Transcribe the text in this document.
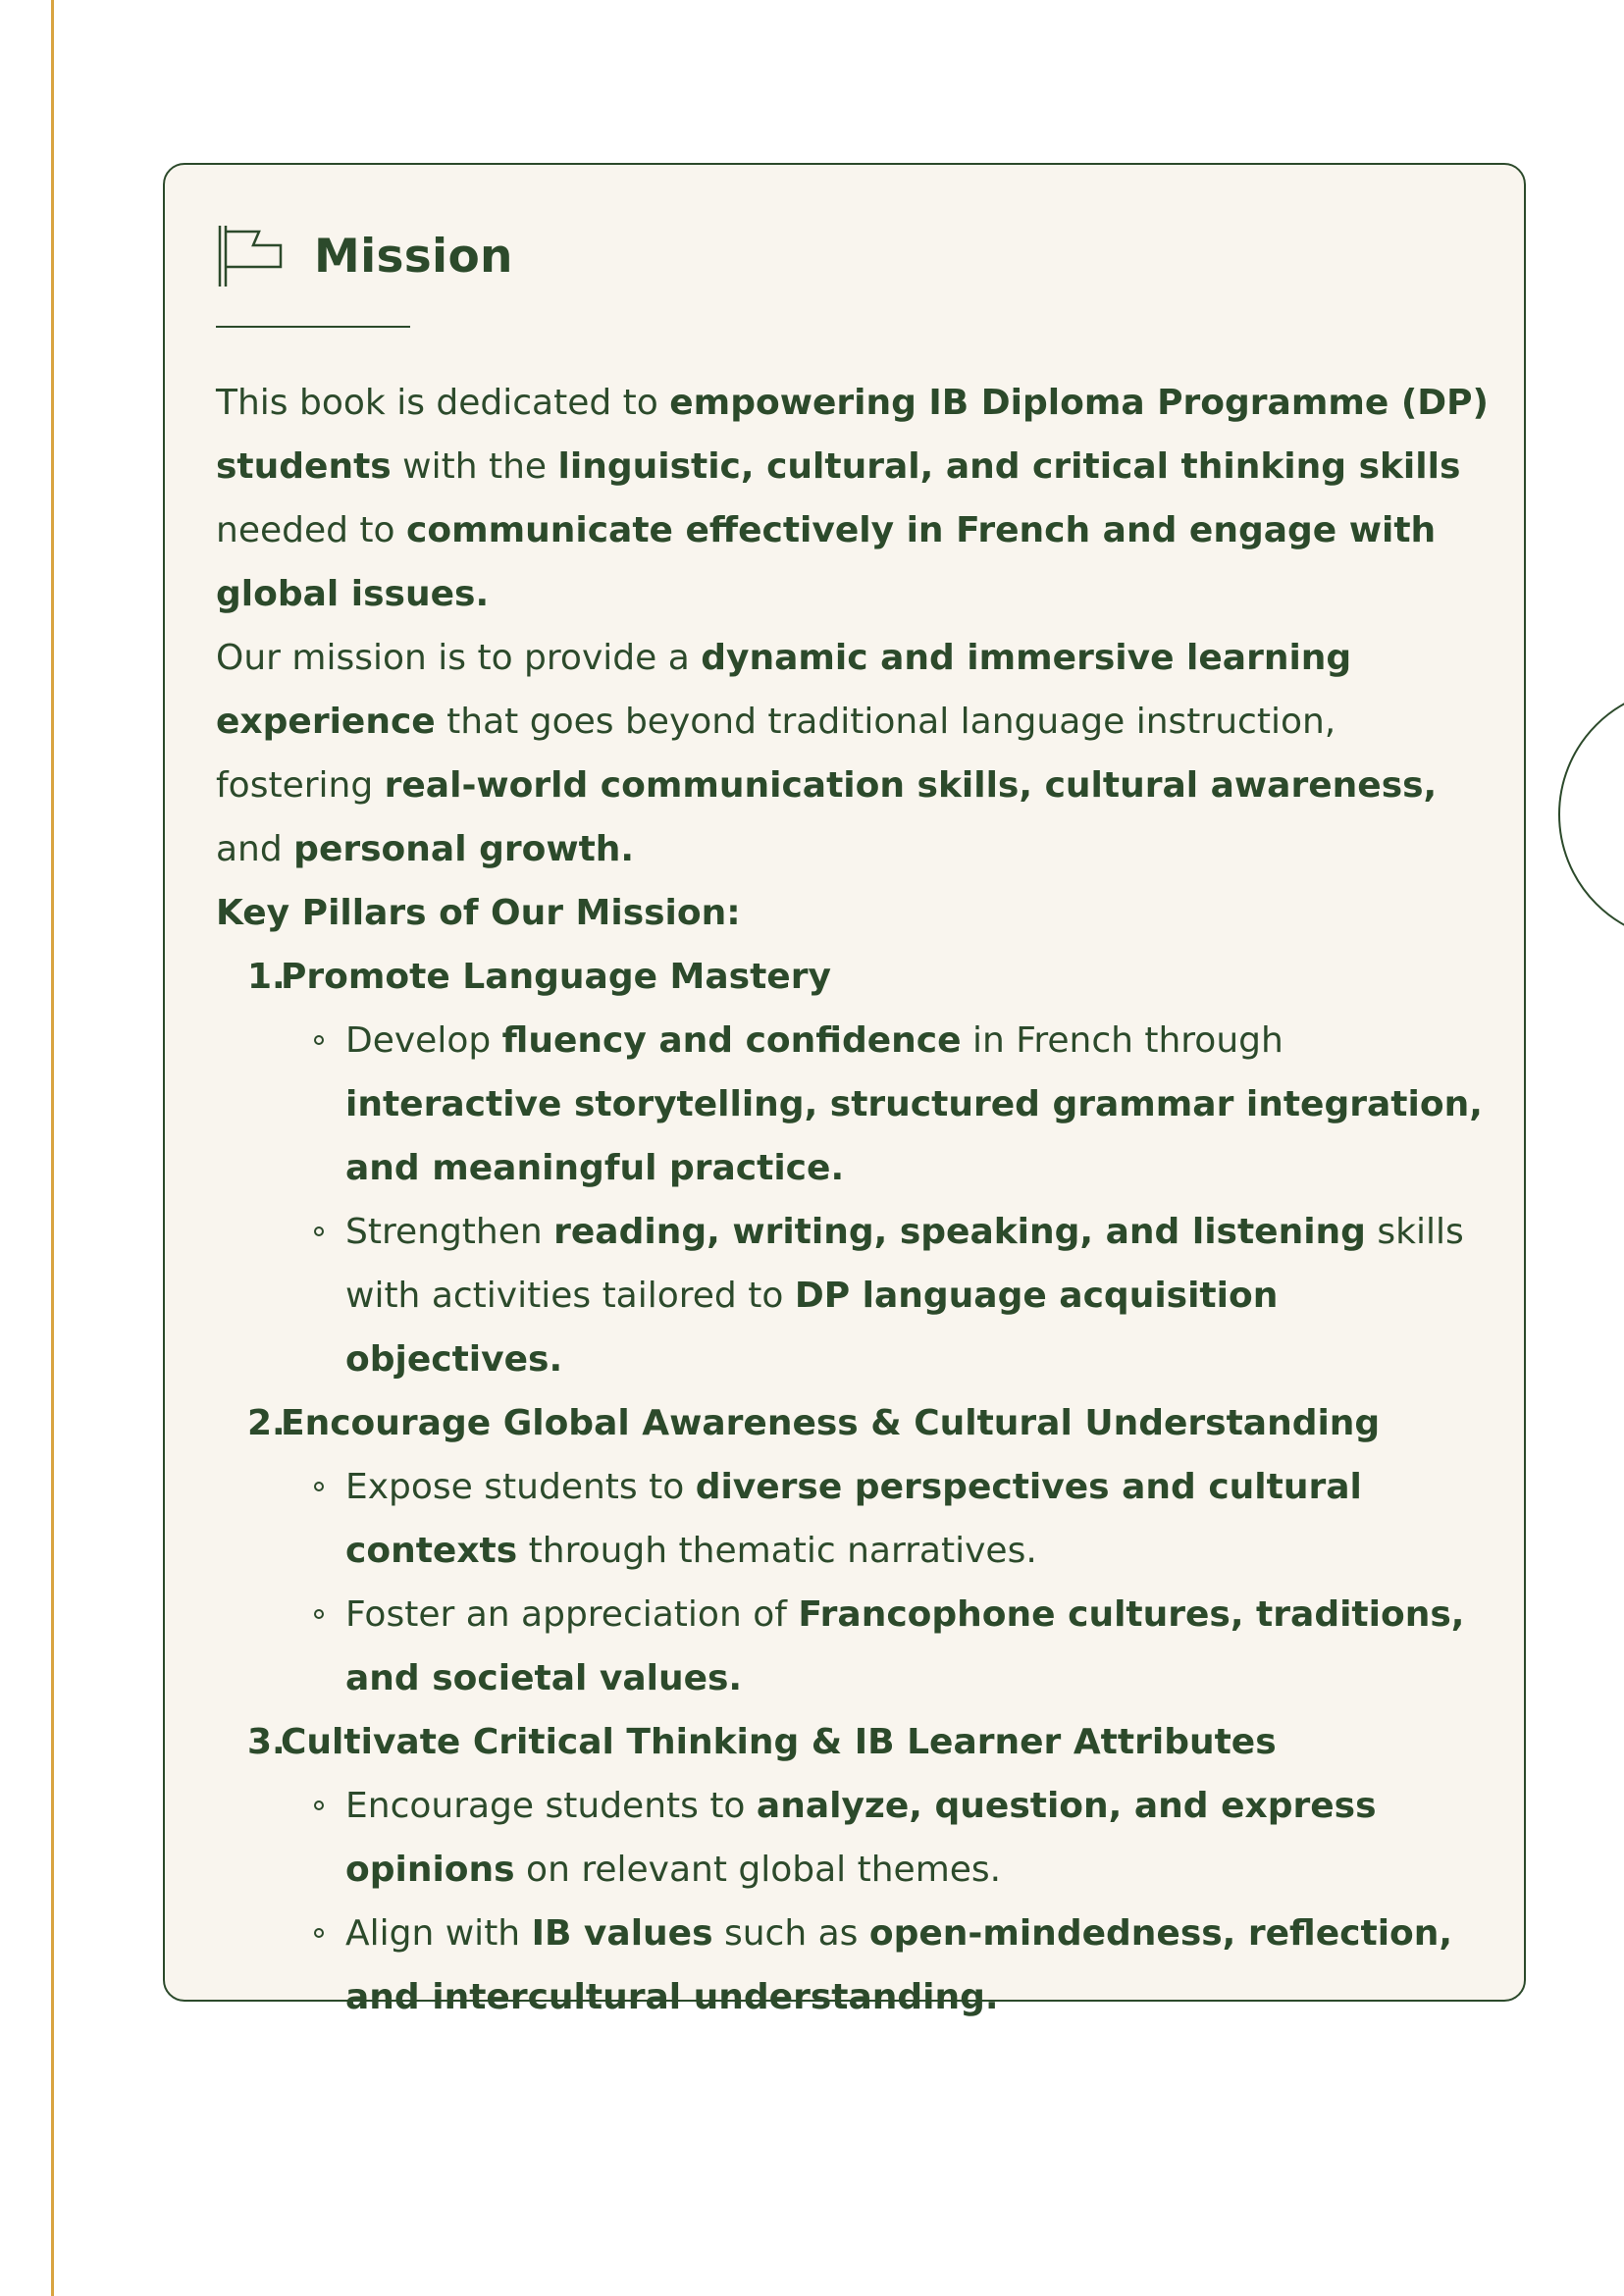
Mission

This book is dedicated to empowering IB Diploma Programme (DP) students with the linguistic, cultural, and critical thinking skills needed to communicate effectively in French and engage with global issues.

Our mission is to provide a dynamic and immersive learning experience that goes beyond traditional language instruction, fostering real-world communication skills, cultural awareness, and personal growth.

Key Pillars of Our Mission:

1.
Promote Language Mastery
Develop fluency and confidence in French through interactive storytelling, structured grammar integration, and meaningful practice.
Strengthen reading, writing, speaking, and listening skills with activities tailored to DP language acquisition objectives.
2.
Encourage Global Awareness & Cultural Understanding
Expose students to diverse perspectives and cultural contexts through thematic narratives.
Foster an appreciation of Francophone cultures, traditions, and societal values.
3.
Cultivate Critical Thinking & IB Learner Attributes
Encourage students to analyze, question, and express opinions on relevant global themes.
Align with IB values such as open-mindedness, reflection, and intercultural understanding.
